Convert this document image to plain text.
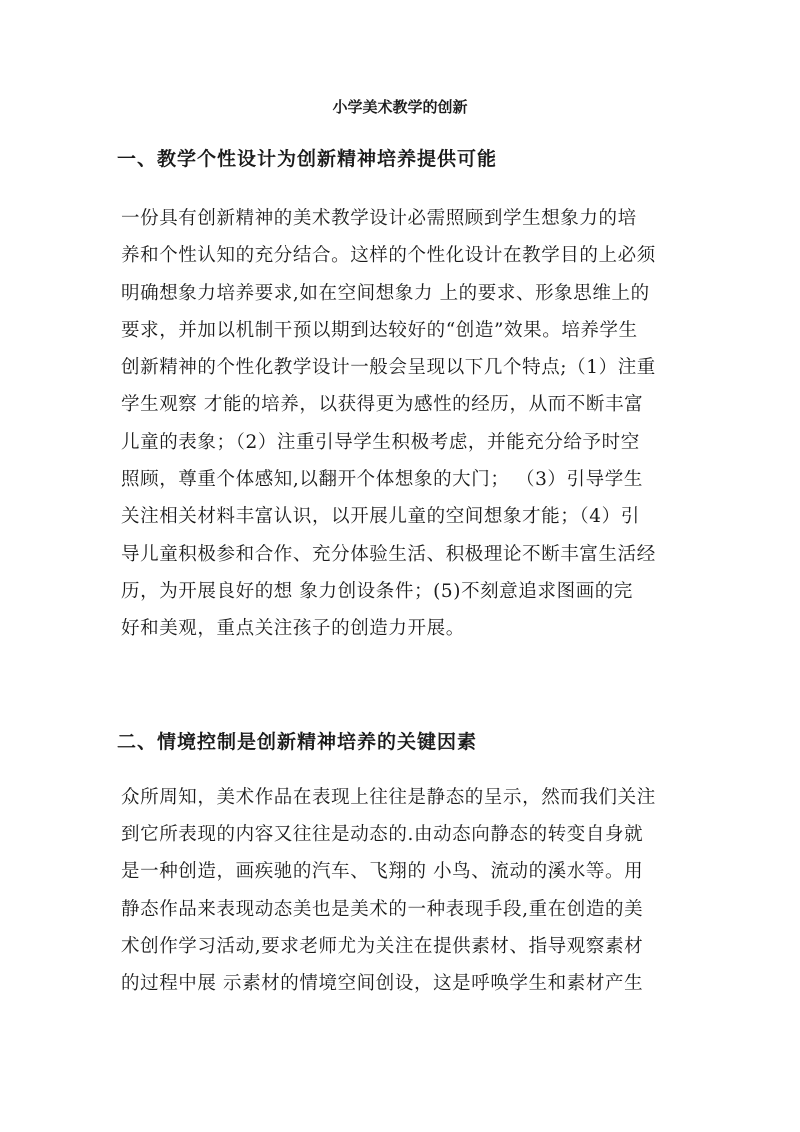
小学美术教学的创新
一、教学个性设计为创新精神培养提供可能
一份具有创新精神的美术教学设计必需照顾到学生想象力的培
养和个性认知的充分结合。这样的个性化设计在教学目的上必须
明确想象力培养要求,如在空间想象力 上的要求、形象思维上的
要求，并加以机制干预以期到达较好的“创造”效果。培养学生
创新精神的个性化教学设计一般会呈现以下几个特点;（1）注重
学生观察 才能的培养，以获得更为感性的经历，从而不断丰富
儿童的表象；（2）注重引导学生积极考虑，并能充分给予时空
照顾，尊重个体感知,以翻开个体想象的大门； （3）引导学生
关注相关材料丰富认识，以开展儿童的空间想象才能；（4）引
导儿童积极参和合作、充分体验生活、积极理论不断丰富生活经
历，为开展良好的想 象力创设条件；(5)不刻意追求图画的完
好和美观，重点关注孩子的创造力开展。
二、情境控制是创新精神培养的关键因素
众所周知，美术作品在表现上往往是静态的呈示，然而我们关注
到它所表现的内容又往往是动态的.由动态向静态的转变自身就
是一种创造，画疾驰的汽车、飞翔的 小鸟、流动的溪水等。用
静态作品来表现动态美也是美术的一种表现手段,重在创造的美
术创作学习活动,要求老师尤为关注在提供素材、指导观察素材
的过程中展 示素材的情境空间创设，这是呼唤学生和素材产生
